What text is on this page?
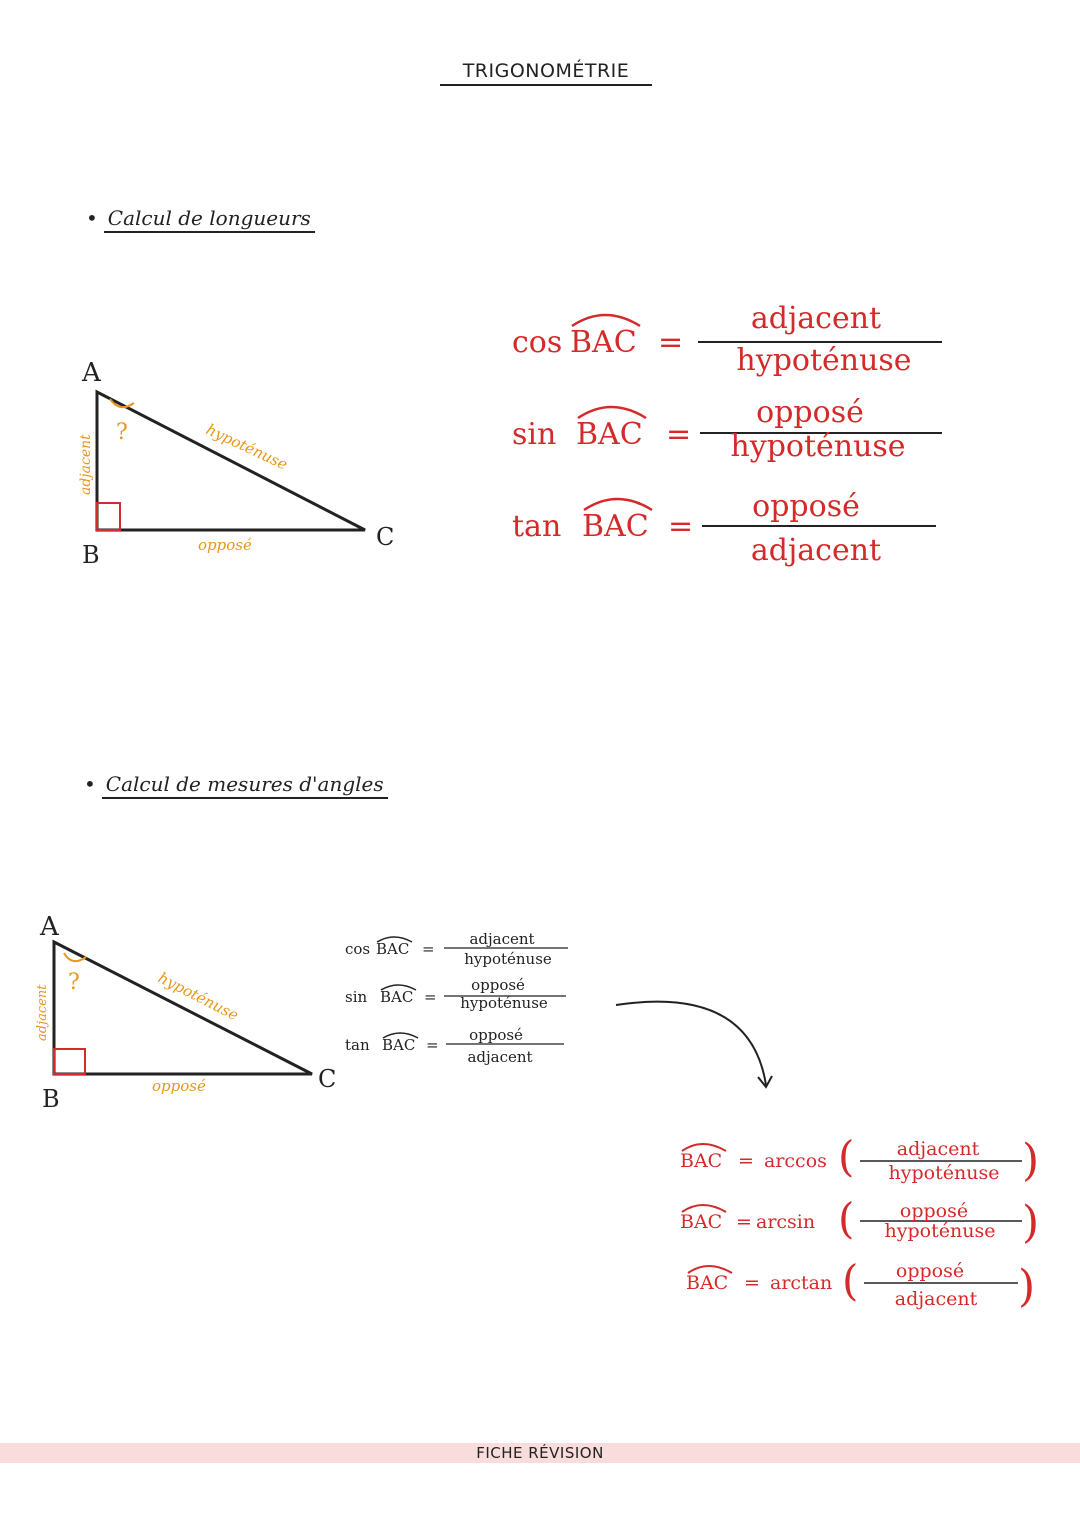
TRIGONOMÉTRIE
• Calcul de longueurs
• Calcul de mesures d'angles
A
B
C
?
adjacent	hypoténuse
opposé
cos BAC =
adjacent
hypoténuse
sin BAC =
opposé
hypoténuse
tan BAC =
opposé
adjacent
A
B
C
?
adjacent	hypoténuse
opposé
cos BAC =
adjacent
hypoténuse
sin BAC =
opposé
hypoténuse
tan BAC =
opposé
adjacent
BAC = arccos ( adjacent
hypoténuse )
BAC = arcsin ( opposé
hypoténuse )
BAC = arctan ( opposé
adjacent )
FICHE RÉVISION
